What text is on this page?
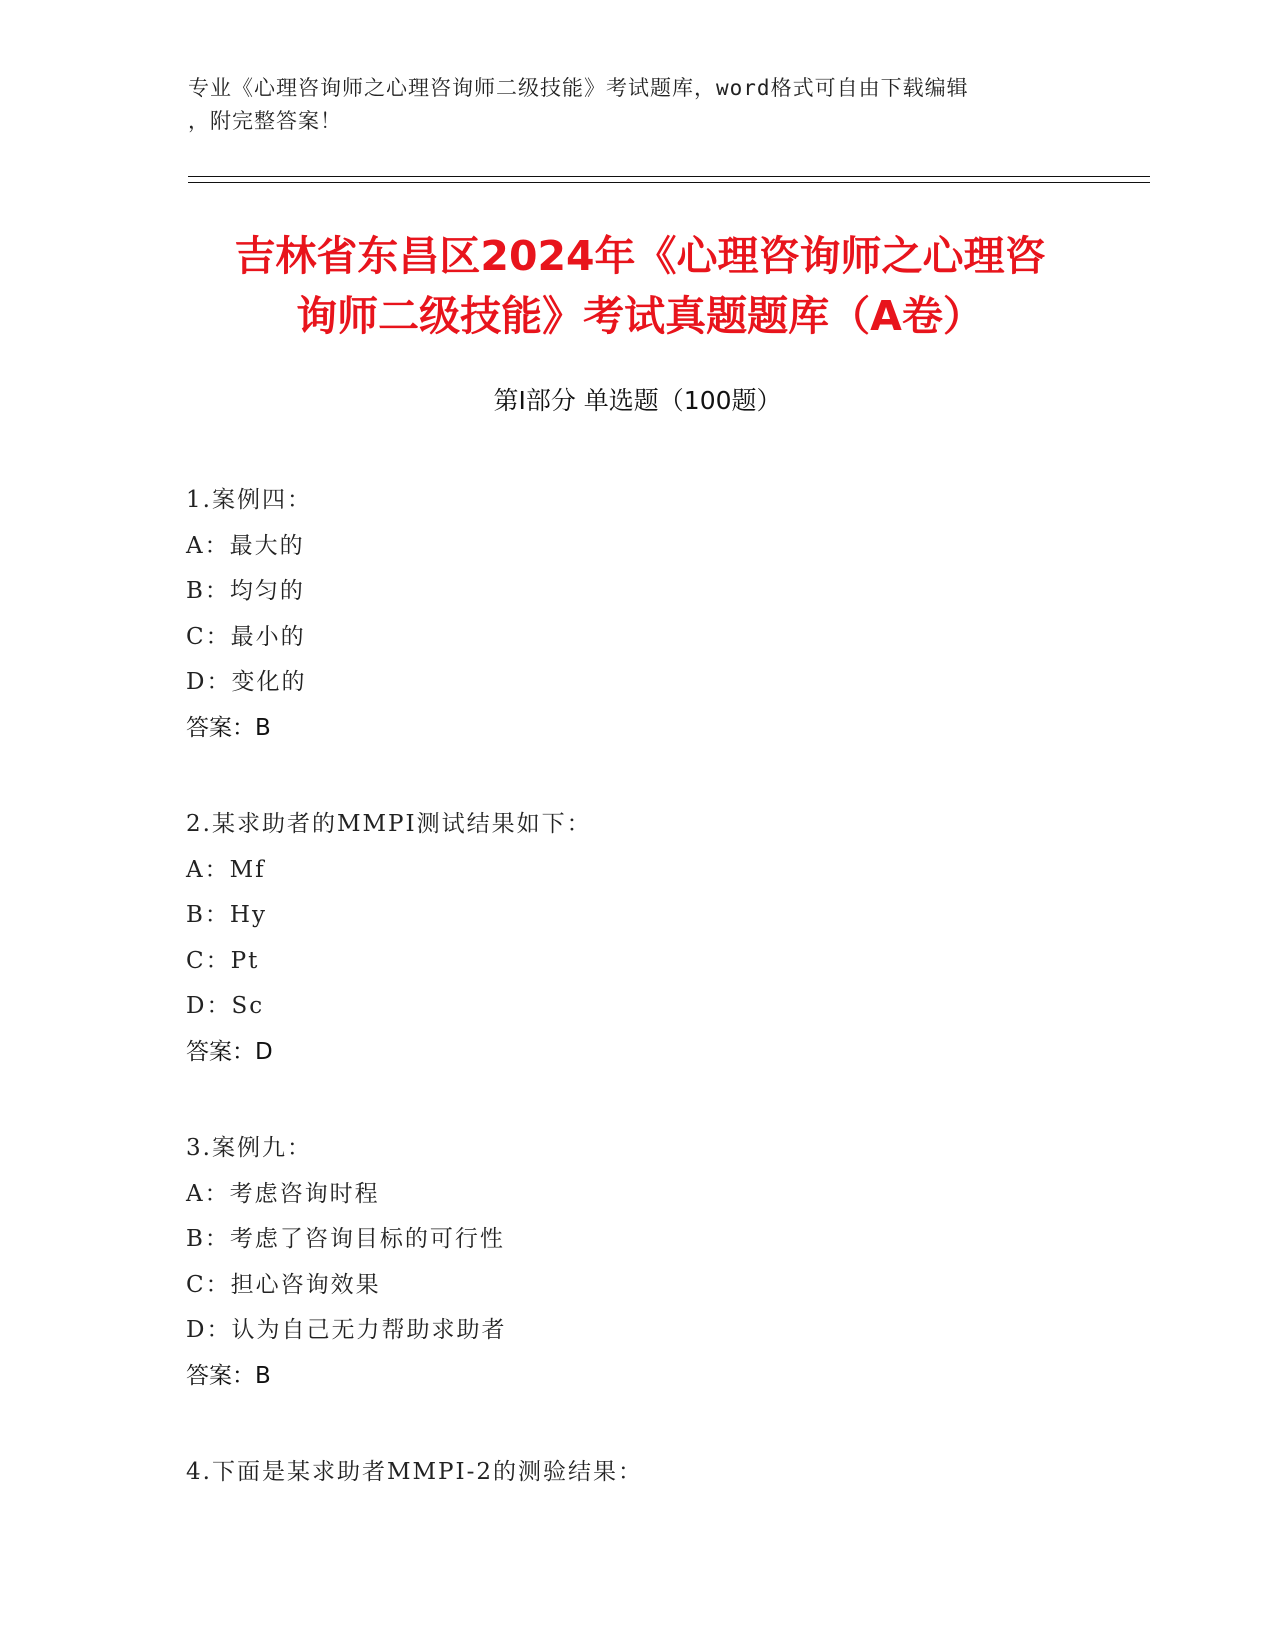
专业《心理咨询师之心理咨询师二级技能》考试题库，word格式可自由下载编辑
，附完整答案！
吉林省东昌区2024年《心理咨询师之心理咨
询师二级技能》考试真题题库（A卷）
第Ⅰ部分 单选题（100题）
1.案例四：
A：最大的
B：均匀的
C：最小的
D：变化的
答案：B
2.某求助者的MMPI测试结果如下：
A：Mf
B：Hy
C：Pt
D：Sc
答案：D
3.案例九：
A：考虑咨询时程
B：考虑了咨询目标的可行性
C：担心咨询效果
D：认为自己无力帮助求助者
答案：B
4.下面是某求助者MMPI-2的测验结果：
